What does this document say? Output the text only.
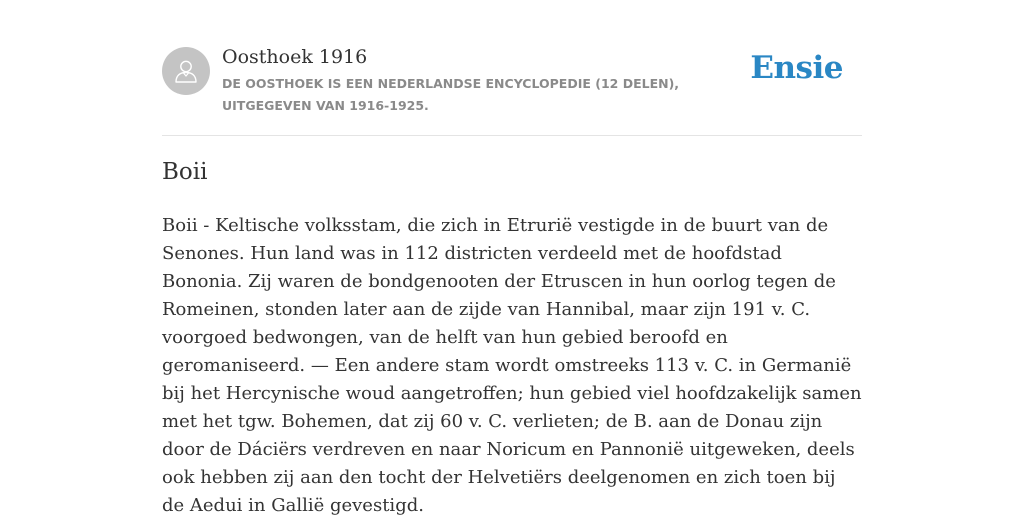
Oosthoek 1916
DE OOSTHOEK IS EEN NEDERLANDSE ENCYCLOPEDIE (12 DELEN), UITGEGEVEN VAN 1916-1925.
Ensie
Boii

Boii - Keltische volksstam, die zich in Etrurië vestigde in de buurt van de Senones. Hun land was in 112 districten verdeeld met de hoofdstad Bononia. Zij waren de bondgenooten der Etruscen in hun oorlog tegen de Romeinen, stonden later aan de zijde van Hannibal, maar zijn 191 v. C. voorgoed bedwongen, van de helft van hun gebied beroofd en geromaniseerd. — Een andere stam wordt omstreeks 113 v. C. in Germanië bij het Hercynische woud aangetroffen; hun gebied viel hoofdzakelijk samen met het tgw. Bohemen, dat zij 60 v. C. verlieten; de B. aan de Donau zijn door de Dáciërs verdreven en naar Noricum en Pannonië uitgeweken, deels ook hebben zij aan den tocht der Helvetiërs deelgenomen en zich toen bij de Aedui in Gallië gevestigd.
